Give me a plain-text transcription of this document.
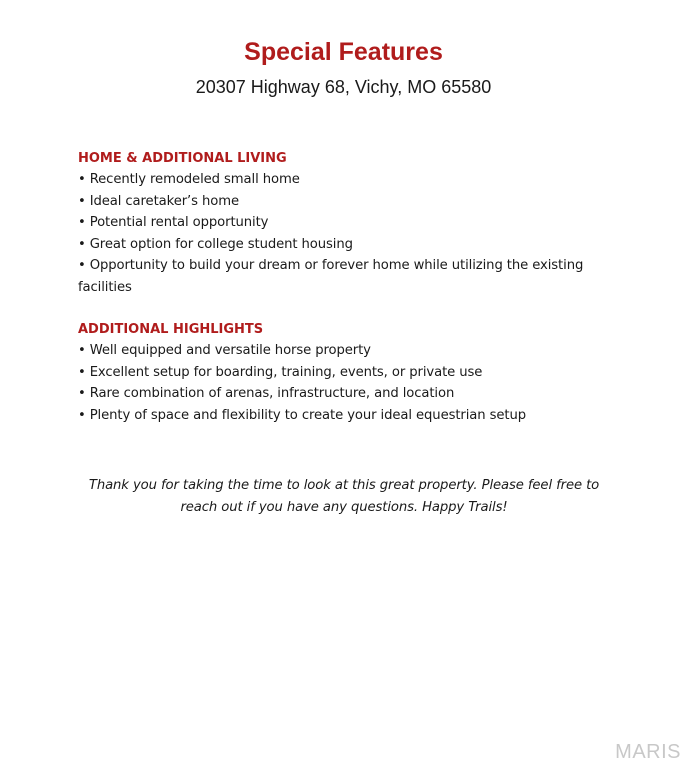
Special Features
20307 Highway 68, Vichy, MO 65580
HOME & ADDITIONAL LIVING
• Recently remodeled small home
• Ideal caretaker’s home
• Potential rental opportunity
• Great option for college student housing
• Opportunity to build your dream or forever home while utilizing the existing facilities
ADDITIONAL HIGHLIGHTS
• Well equipped and versatile horse property
• Excellent setup for boarding, training, events, or private use
• Rare combination of arenas, infrastructure, and location
• Plenty of space and flexibility to create your ideal equestrian setup

Thank you for taking the time to look at this great property. Please feel free to reach out if you have any questions. Happy Trails!

MARIS
